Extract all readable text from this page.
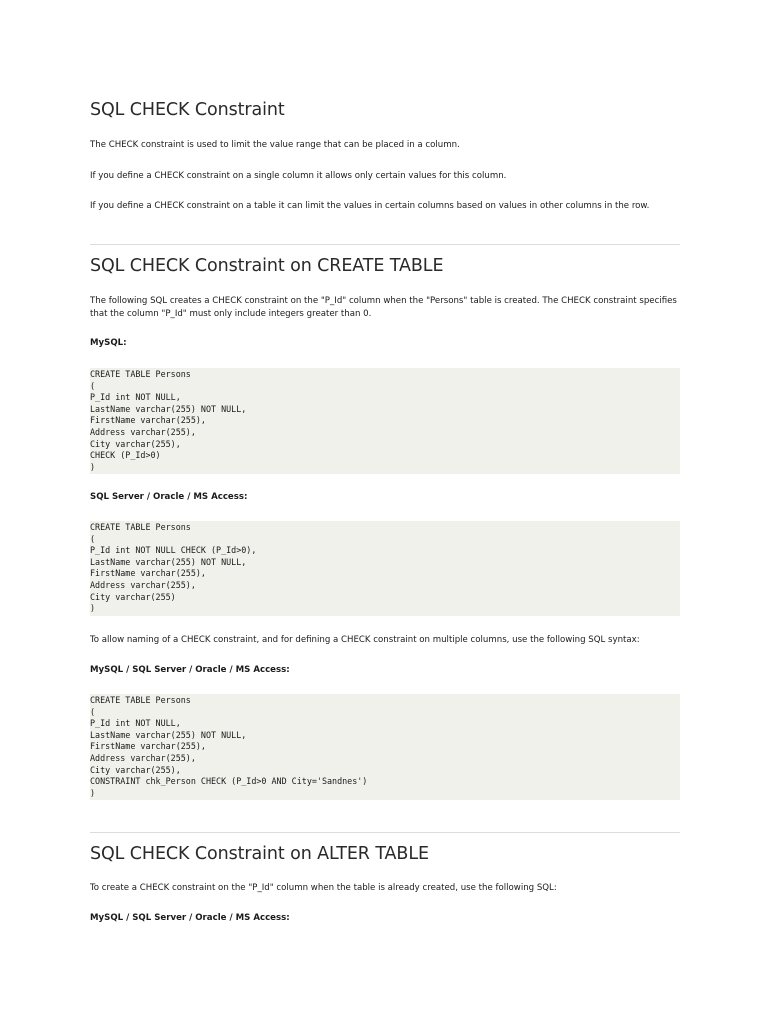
SQL CHECK Constraint
The CHECK constraint is used to limit the value range that can be placed in a column.
If you define a CHECK constraint on a single column it allows only certain values for this column.
If you define a CHECK constraint on a table it can limit the values in certain columns based on values in other columns in the row.
SQL CHECK Constraint on CREATE TABLE
The following SQL creates a CHECK constraint on the "P_Id" column when the "Persons" table is created. The CHECK constraint specifies that the column "P_Id" must only include integers greater than 0.
MySQL:
CREATE TABLE Persons
(
P_Id int NOT NULL,
LastName varchar(255) NOT NULL,
FirstName varchar(255),
Address varchar(255),
City varchar(255),
CHECK (P_Id>0)
)
SQL Server / Oracle / MS Access:
CREATE TABLE Persons
(
P_Id int NOT NULL CHECK (P_Id>0),
LastName varchar(255) NOT NULL,
FirstName varchar(255),
Address varchar(255),
City varchar(255)
)
To allow naming of a CHECK constraint, and for defining a CHECK constraint on multiple columns, use the following SQL syntax:
MySQL / SQL Server / Oracle / MS Access:
CREATE TABLE Persons
(
P_Id int NOT NULL,
LastName varchar(255) NOT NULL,
FirstName varchar(255),
Address varchar(255),
City varchar(255),
CONSTRAINT chk_Person CHECK (P_Id>0 AND City='Sandnes')
)
SQL CHECK Constraint on ALTER TABLE
To create a CHECK constraint on the "P_Id" column when the table is already created, use the following SQL:
MySQL / SQL Server / Oracle / MS Access:
